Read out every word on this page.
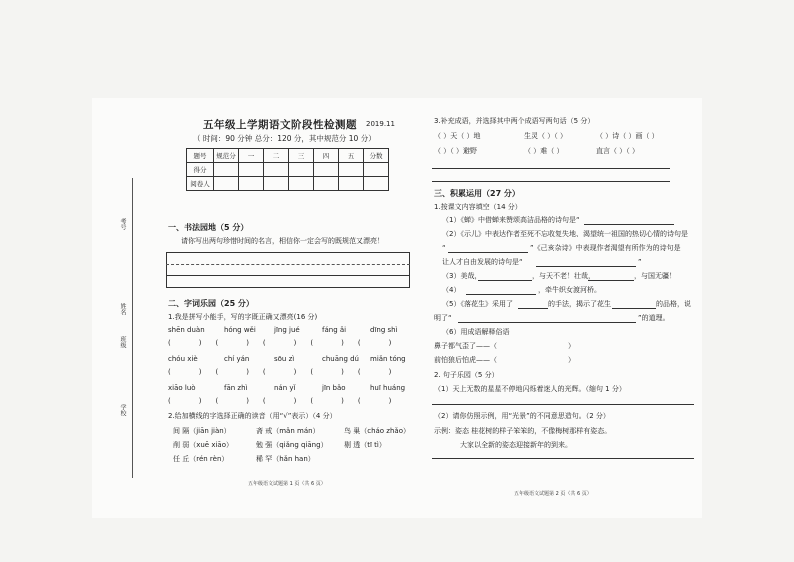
考号
姓名
班级
学校
五年级上学期语文阶段性检测题 2019.11
（ 时间：90 分钟 总分：120 分，其中规范分 10 分）
题号	规范分	一	二	三	四	五	分数
得分							
阅卷人							
一、书法园地（5 分）
请你写出两句珍惜时间的名言，相信你一定会写的既规范又漂亮！
二、字词乐园（25 分）
1.我是拼写小能手，写的字既正确又漂亮(16 分)
shēn duàn	hóng wěi	jīng jué	fáng ǎi	dīng shì
(　　　　)　　(　　　　)　　(　　　　)　　(　　　　)　　(　　　　)
chóu xiè	chí yán	sōu zì	chuāng dú miǎn tóng
(　　　　)　　(　　　　)　　(　　　　)　　(　　　　)　　(　　　　)
xiāo luò	fān zhì	nán yǐ	jīn bǎo	huī huáng
(　　　　)　　(　　　　)　　(　　　　)　　(　　　　)　　(　　　　)
2.给加横线的字选择正确的读音（用“√”表示）（4 分）
间 隔（jiān jiàn）	斋 戒（mǎn mán）	鸟 巢（cháo zhǎo）
削 弱（xuē xiāo）	勉 强（qiǎng qiāng） 剔 透（tī tì）
任 丘（rén rèn）	稀 罕（hǎn han）
五年级语文试题第 1 页（共 6 页）
3.补充成语，并选择其中两个成语写两句话（5 分）
（ ）天（ ）地	生灵（ ）（ ）	（ ）诗（ ）画（ ）
（ ）（ ）避野	（ ）难（ ）	直言（ ）（ ）
三、积累运用（27 分）
1.按课文内容填空（14 分）
（1）《蝉》中借蝉来赞颂高洁品格的诗句是“
（2）《示儿》中表达作者至死不忘收复失地、渴望统一祖国的热切心情的诗句是
“	”《己亥杂诗》中表现作者渴望有所作为的诗句是
让人才自由发展的诗句是“	”
（3）美哉，	，与天不老！壮哉，	，与国无疆！
（4）	，牵牛织女渡河桥。
（5）《落花生》采用了	的手法，揭示了花生	的品格，说
明了“	”的道理。
（6）用成语解释俗语
鼻子都气歪了——（	）
前怕狼后怕虎——（	）
2. 句子乐园（5 分）
（1）天上无数的星星不停地闪烁着迷人的光辉。（缩句 1 分）
（2）请你仿照示例，用“光景”的不同意思造句。（2 分）
示例：姿态 桂花树的样子笨笨的，不像梅树那样有姿态。
大家以全新的姿态迎接新年的到来。
五年级语文试题第 2 页（共 6 页）
